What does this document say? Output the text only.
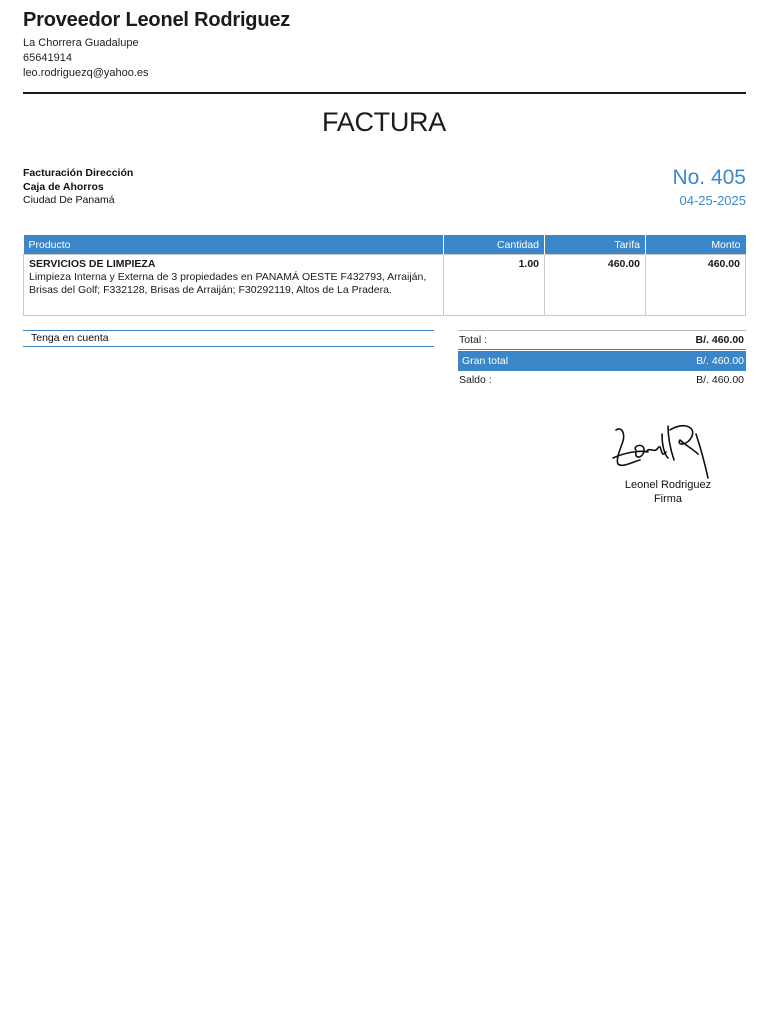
Proveedor Leonel Rodriguez
La Chorrera Guadalupe
65641914
leo.rodriguezq@yahoo.es
FACTURA
Facturación Dirección
Caja de Ahorros
Ciudad De Panamá
No. 405
04-25-2025
Producto	Cantidad	Tarifa	Monto

SERVICIOS DE LIMPIEZA
Limpieza Interna y Externa de 3 propiedades en PANAMÁ OESTE F432793, Arraiján, Brisas del Golf; F332128, Brisas de Arraiján; F30292119, Altos de La Pradera.	1.00	460.00	460.00
Tenga en cuenta	Total :	B/. 460.00
Gran total	B/. 460.00
Saldo :	B/. 460.00
Leonel Rodriguez
Firma
